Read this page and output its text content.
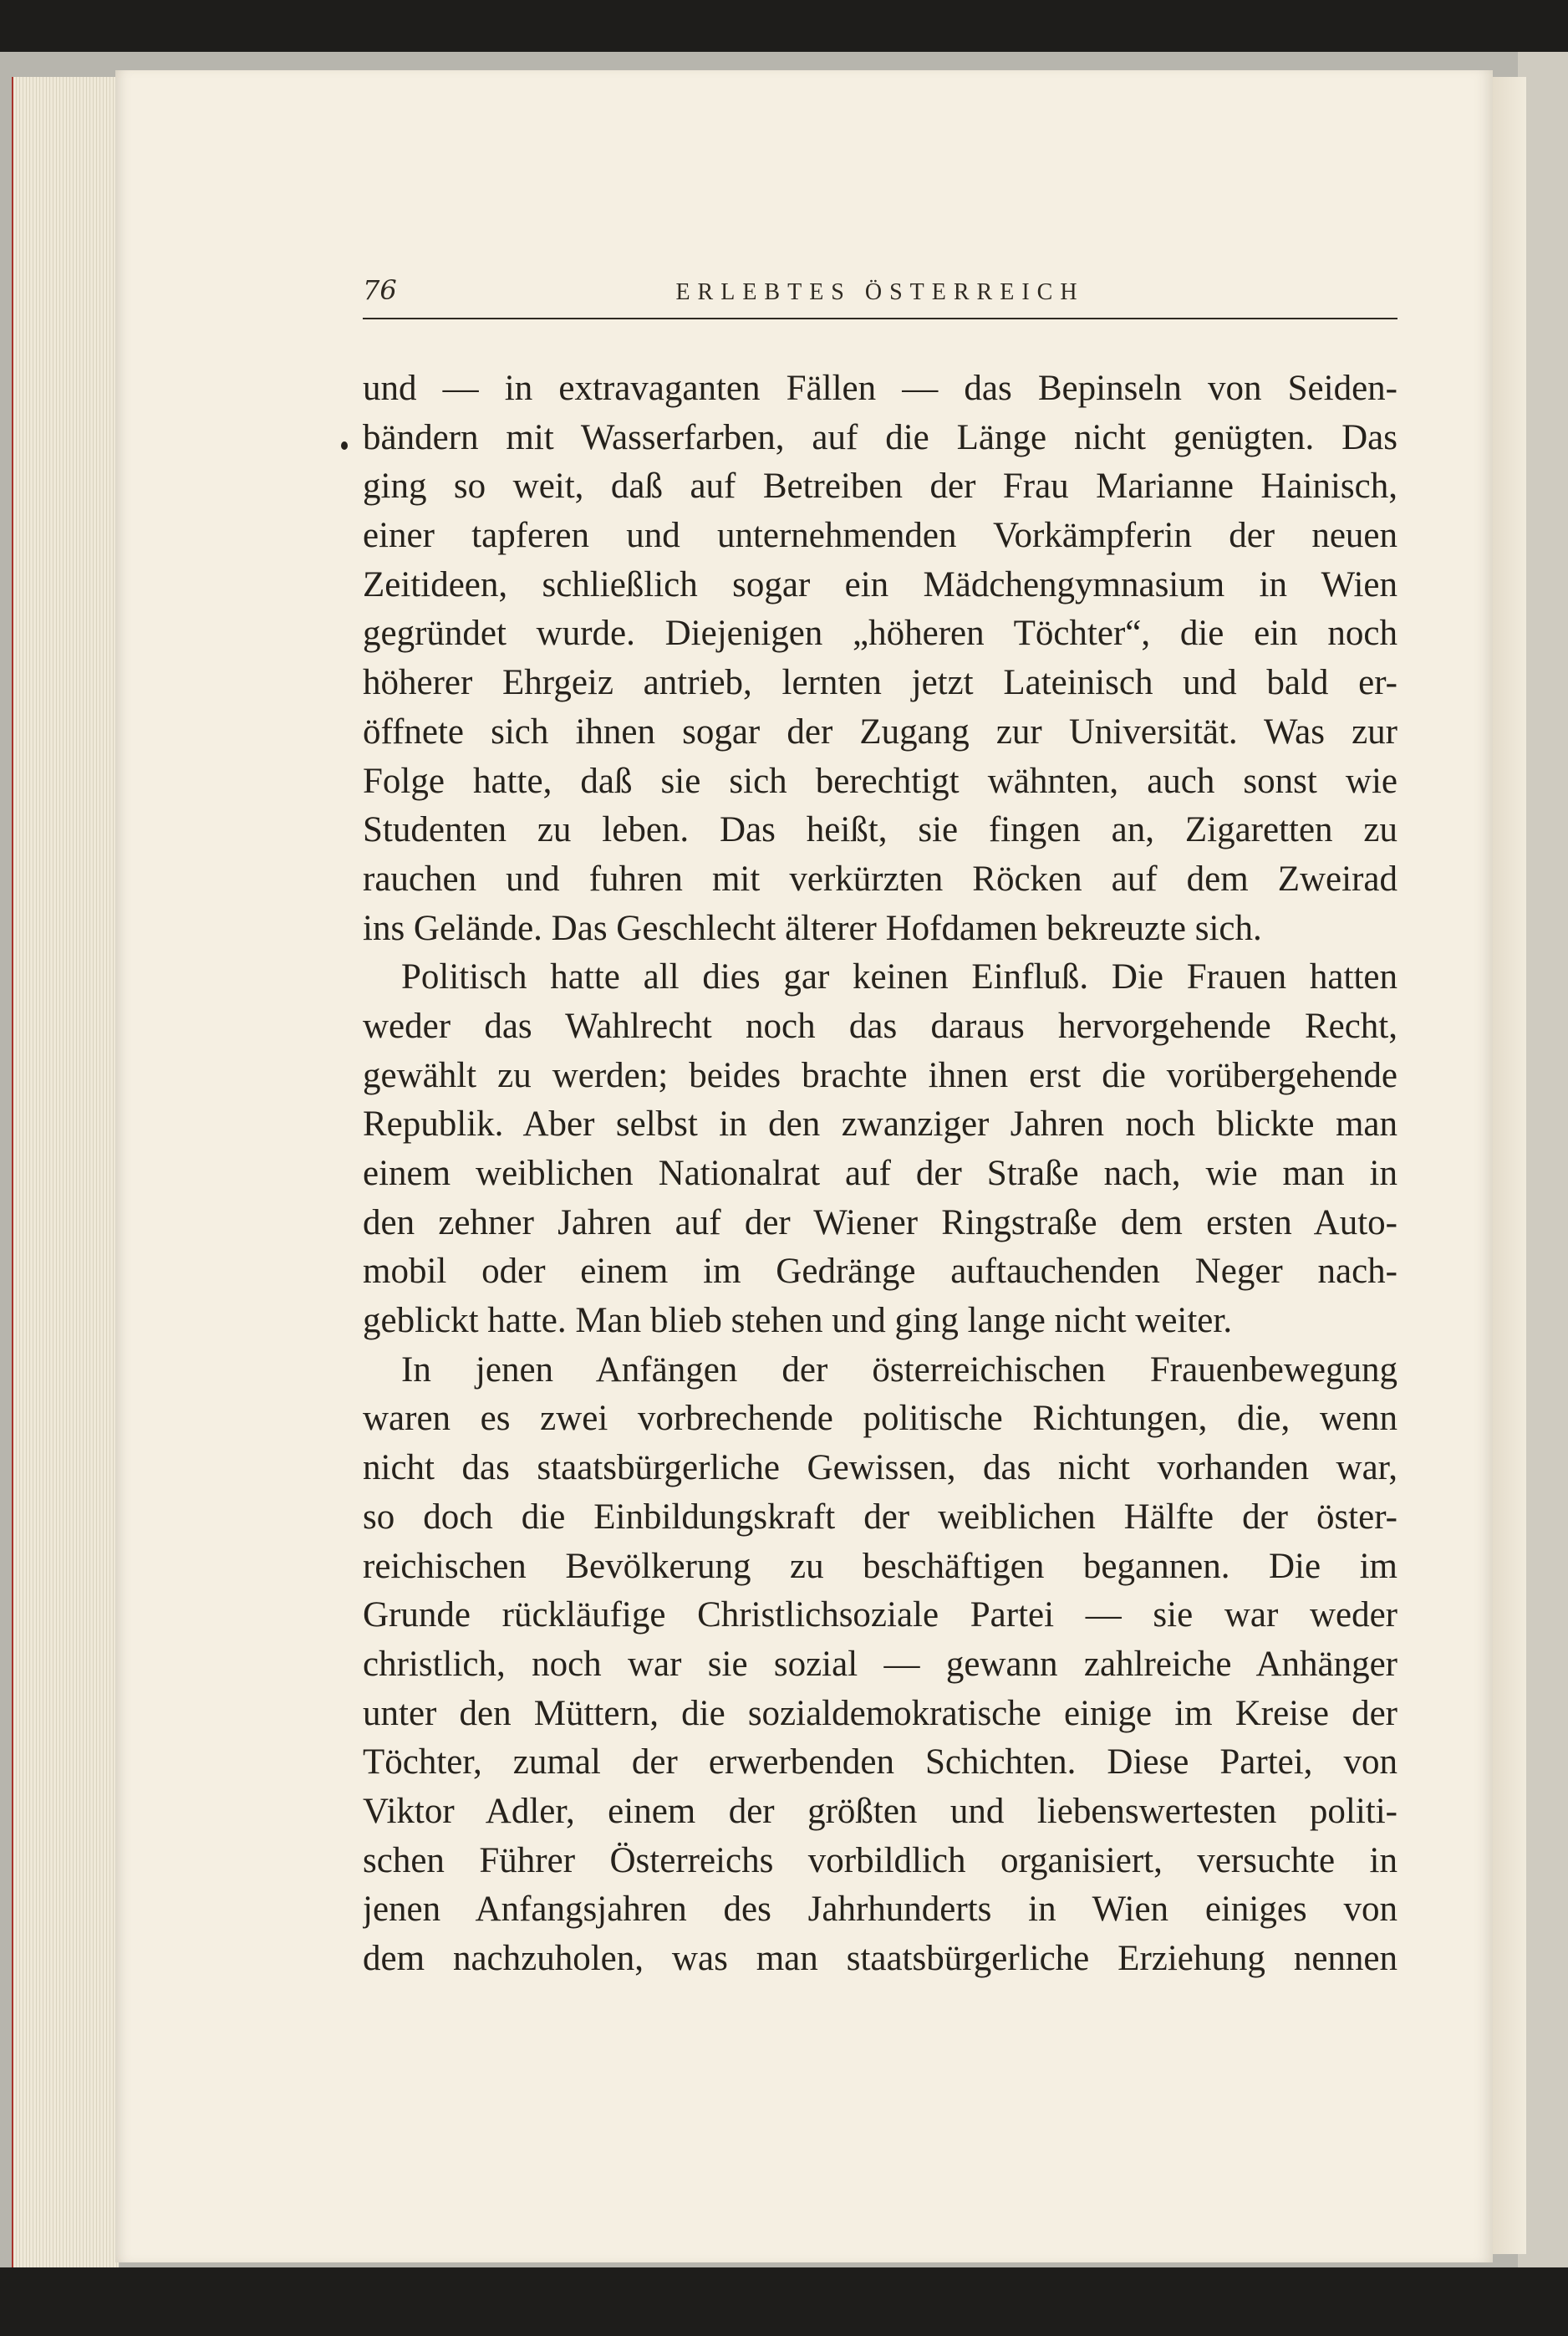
76	ERLEBTES ÖSTERREICH
und — in extravaganten Fällen — das Bepinseln von Seiden-
bändern mit Wasserfarben, auf die Länge nicht genügten. Das
ging so weit, daß auf Betreiben der Frau Marianne Hainisch,
einer tapferen und unternehmenden Vorkämpferin der neuen
Zeitideen, schließlich sogar ein Mädchengymnasium in Wien
gegründet wurde. Diejenigen „höheren Töchter“, die ein noch
höherer Ehrgeiz antrieb, lernten jetzt Lateinisch und bald er-
öffnete sich ihnen sogar der Zugang zur Universität. Was zur
Folge hatte, daß sie sich berechtigt wähnten, auch sonst wie
Studenten zu leben. Das heißt, sie fingen an, Zigaretten zu
rauchen und fuhren mit verkürzten Röcken auf dem Zweirad
ins Gelände. Das Geschlecht älterer Hofdamen bekreuzte sich.
Politisch hatte all dies gar keinen Einfluß. Die Frauen hatten
weder das Wahlrecht noch das daraus hervorgehende Recht,
gewählt zu werden; beides brachte ihnen erst die vorübergehende
Republik. Aber selbst in den zwanziger Jahren noch blickte man
einem weiblichen Nationalrat auf der Straße nach, wie man in
den zehner Jahren auf der Wiener Ringstraße dem ersten Auto-
mobil oder einem im Gedränge auftauchenden Neger nach-
geblickt hatte. Man blieb stehen und ging lange nicht weiter.
In jenen Anfängen der österreichischen Frauenbewegung
waren es zwei vorbrechende politische Richtungen, die, wenn
nicht das staatsbürgerliche Gewissen, das nicht vorhanden war,
so doch die Einbildungskraft der weiblichen Hälfte der öster-
reichischen Bevölkerung zu beschäftigen begannen. Die im
Grunde rückläufige Christlichsoziale Partei — sie war weder
christlich, noch war sie sozial — gewann zahlreiche Anhänger
unter den Müttern, die sozialdemokratische einige im Kreise der
Töchter, zumal der erwerbenden Schichten. Diese Partei, von
Viktor Adler, einem der größten und liebenswertesten politi-
schen Führer Österreichs vorbildlich organisiert, versuchte in
jenen Anfangsjahren des Jahrhunderts in Wien einiges von
dem nachzuholen, was man staatsbürgerliche Erziehung nennen
